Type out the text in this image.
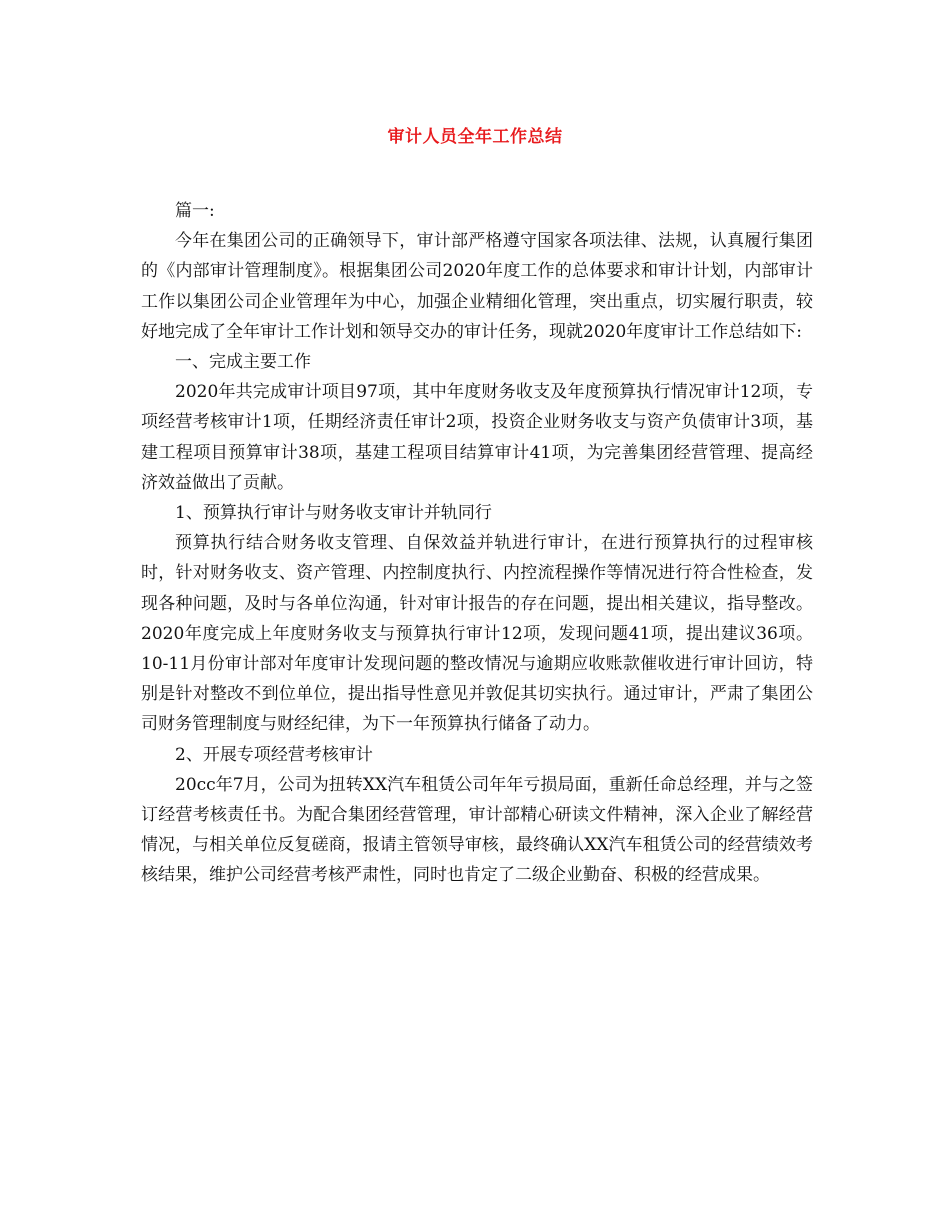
审计人员全年工作总结

篇一:

今年在集团公司的正确领导下，审计部严格遵守国家各项法律、法规，认真履行集团的《内部审计管理制度》。根据集团公司2020年度工作的总体要求和审计计划，内部审计工作以集团公司企业管理年为中心，加强企业精细化管理，突出重点，切实履行职责，较好地完成了全年审计工作计划和领导交办的审计任务，现就2020年度审计工作总结如下:

一、完成主要工作

2020年共完成审计项目97项，其中年度财务收支及年度预算执行情况审计12项，专项经营考核审计1项，任期经济责任审计2项，投资企业财务收支与资产负债审计3项，基建工程项目预算审计38项，基建工程项目结算审计41项，为完善集团经营管理、提高经济效益做出了贡献。

1、预算执行审计与财务收支审计并轨同行

预算执行结合财务收支管理、自保效益并轨进行审计，在进行预算执行的过程审核时，针对财务收支、资产管理、内控制度执行、内控流程操作等情况进行符合性检查，发现各种问题，及时与各单位沟通，针对审计报告的存在问题，提出相关建议，指导整改。2020年度完成上年度财务收支与预算执行审计12项，发现问题41项，提出建议36项。10-11月份审计部对年度审计发现问题的整改情况与逾期应收账款催收进行审计回访，特别是针对整改不到位单位，提出指导性意见并敦促其切实执行。通过审计，严肃了集团公司财务管理制度与财经纪律，为下一年预算执行储备了动力。

2、开展专项经营考核审计

20cc年7月，公司为扭转XX汽车租赁公司年年亏损局面，重新任命总经理，并与之签订经营考核责任书。为配合集团经营管理，审计部精心研读文件精神，深入企业了解经营情况，与相关单位反复磋商，报请主管领导审核，最终确认XX汽车租赁公司的经营绩效考核结果，维护公司经营考核严肃性，同时也肯定了二级企业勤奋、积极的经营成果。
